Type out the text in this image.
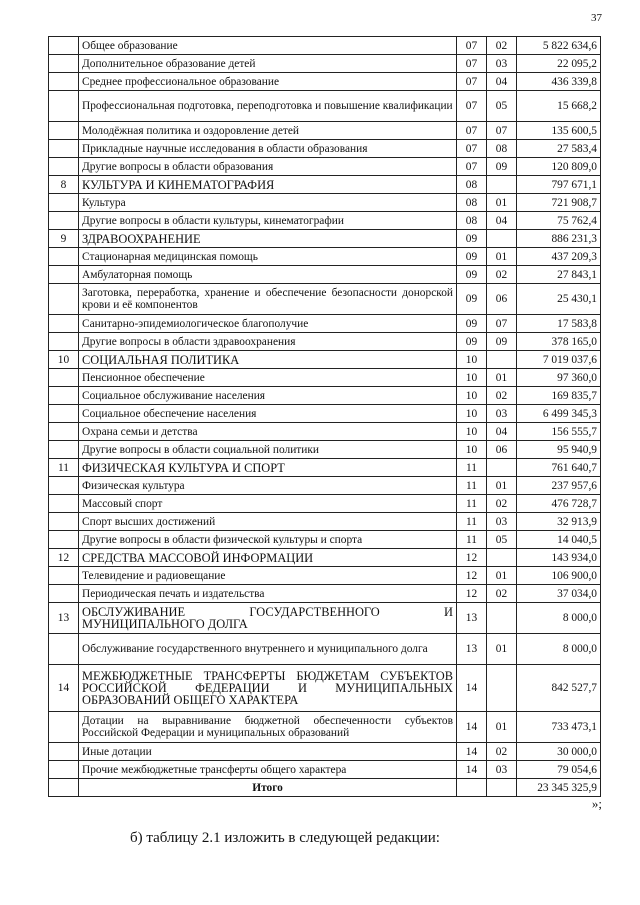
37
	Общее образование	07	02	5 822 634,6
	Дополнительное образование детей	07	03	22 095,2
	Среднее профессиональное образование	07	04	436 339,8
	Профессиональная подготовка, переподготовка и повышение квалификации	07	05	15 668,2
	Молодёжная политика и оздоровление детей	07	07	135 600,5
	Прикладные научные исследования в области образования	07	08	27 583,4
	Другие вопросы в области образования	07	09	120 809,0
8	КУЛЬТУРА И КИНЕМАТОГРАФИЯ	08		797 671,1
	Культура	08	01	721 908,7
	Другие вопросы в области культуры, кинематографии	08	04	75 762,4
9	ЗДРАВООХРАНЕНИЕ	09		886 231,3
	Стационарная медицинская помощь	09	01	437 209,3
	Амбулаторная помощь	09	02	27 843,1
	Заготовка, переработка, хранение и обеспечение безопасности донорской крови и её компонентов	09	06	25 430,1
	Санитарно-эпидемиологическое благополучие	09	07	17 583,8
	Другие вопросы в области здравоохранения	09	09	378 165,0
10	СОЦИАЛЬНАЯ ПОЛИТИКА	10		7 019 037,6
	Пенсионное обеспечение	10	01	97 360,0
	Социальное обслуживание населения	10	02	169 835,7
	Социальное обеспечение населения	10	03	6 499 345,3
	Охрана семьи и детства	10	04	156 555,7
	Другие вопросы в области социальной политики	10	06	95 940,9
11	ФИЗИЧЕСКАЯ КУЛЬТУРА И СПОРТ	11		761 640,7
	Физическая культура	11	01	237 957,6
	Массовый спорт	11	02	476 728,7
	Спорт высших достижений	11	03	32 913,9
	Другие вопросы в области физической культуры и спорта	11	05	14 040,5
12	СРЕДСТВА МАССОВОЙ ИНФОРМАЦИИ	12		143 934,0
	Телевидение и радиовещание	12	01	106 900,0
	Периодическая печать и издательства	12	02	37 034,0
13	ОБСЛУЖИВАНИЕ ГОСУДАРСТВЕННОГО И МУНИЦИПАЛЬНОГО ДОЛГА	13		8 000,0
	Обслуживание государственного внутреннего и муниципального долга	13	01	8 000,0
14	МЕЖБЮДЖЕТНЫЕ ТРАНСФЕРТЫ БЮДЖЕТАМ СУБЪЕКТОВ РОССИЙСКОЙ ФЕДЕРАЦИИ И МУНИЦИПАЛЬНЫХ ОБРАЗОВАНИЙ ОБЩЕГО ХАРАКТЕРА	14		842 527,7
	Дотации на выравнивание бюджетной обеспеченности субъектов Российской Федерации и муниципальных образований	14	01	733 473,1
	Иные дотации	14	02	30 000,0
	Прочие межбюджетные трансферты общего характера	14	03	79 054,6
	Итого			23 345 325,9
»;
б) таблицу 2.1 изложить в следующей редакции:
